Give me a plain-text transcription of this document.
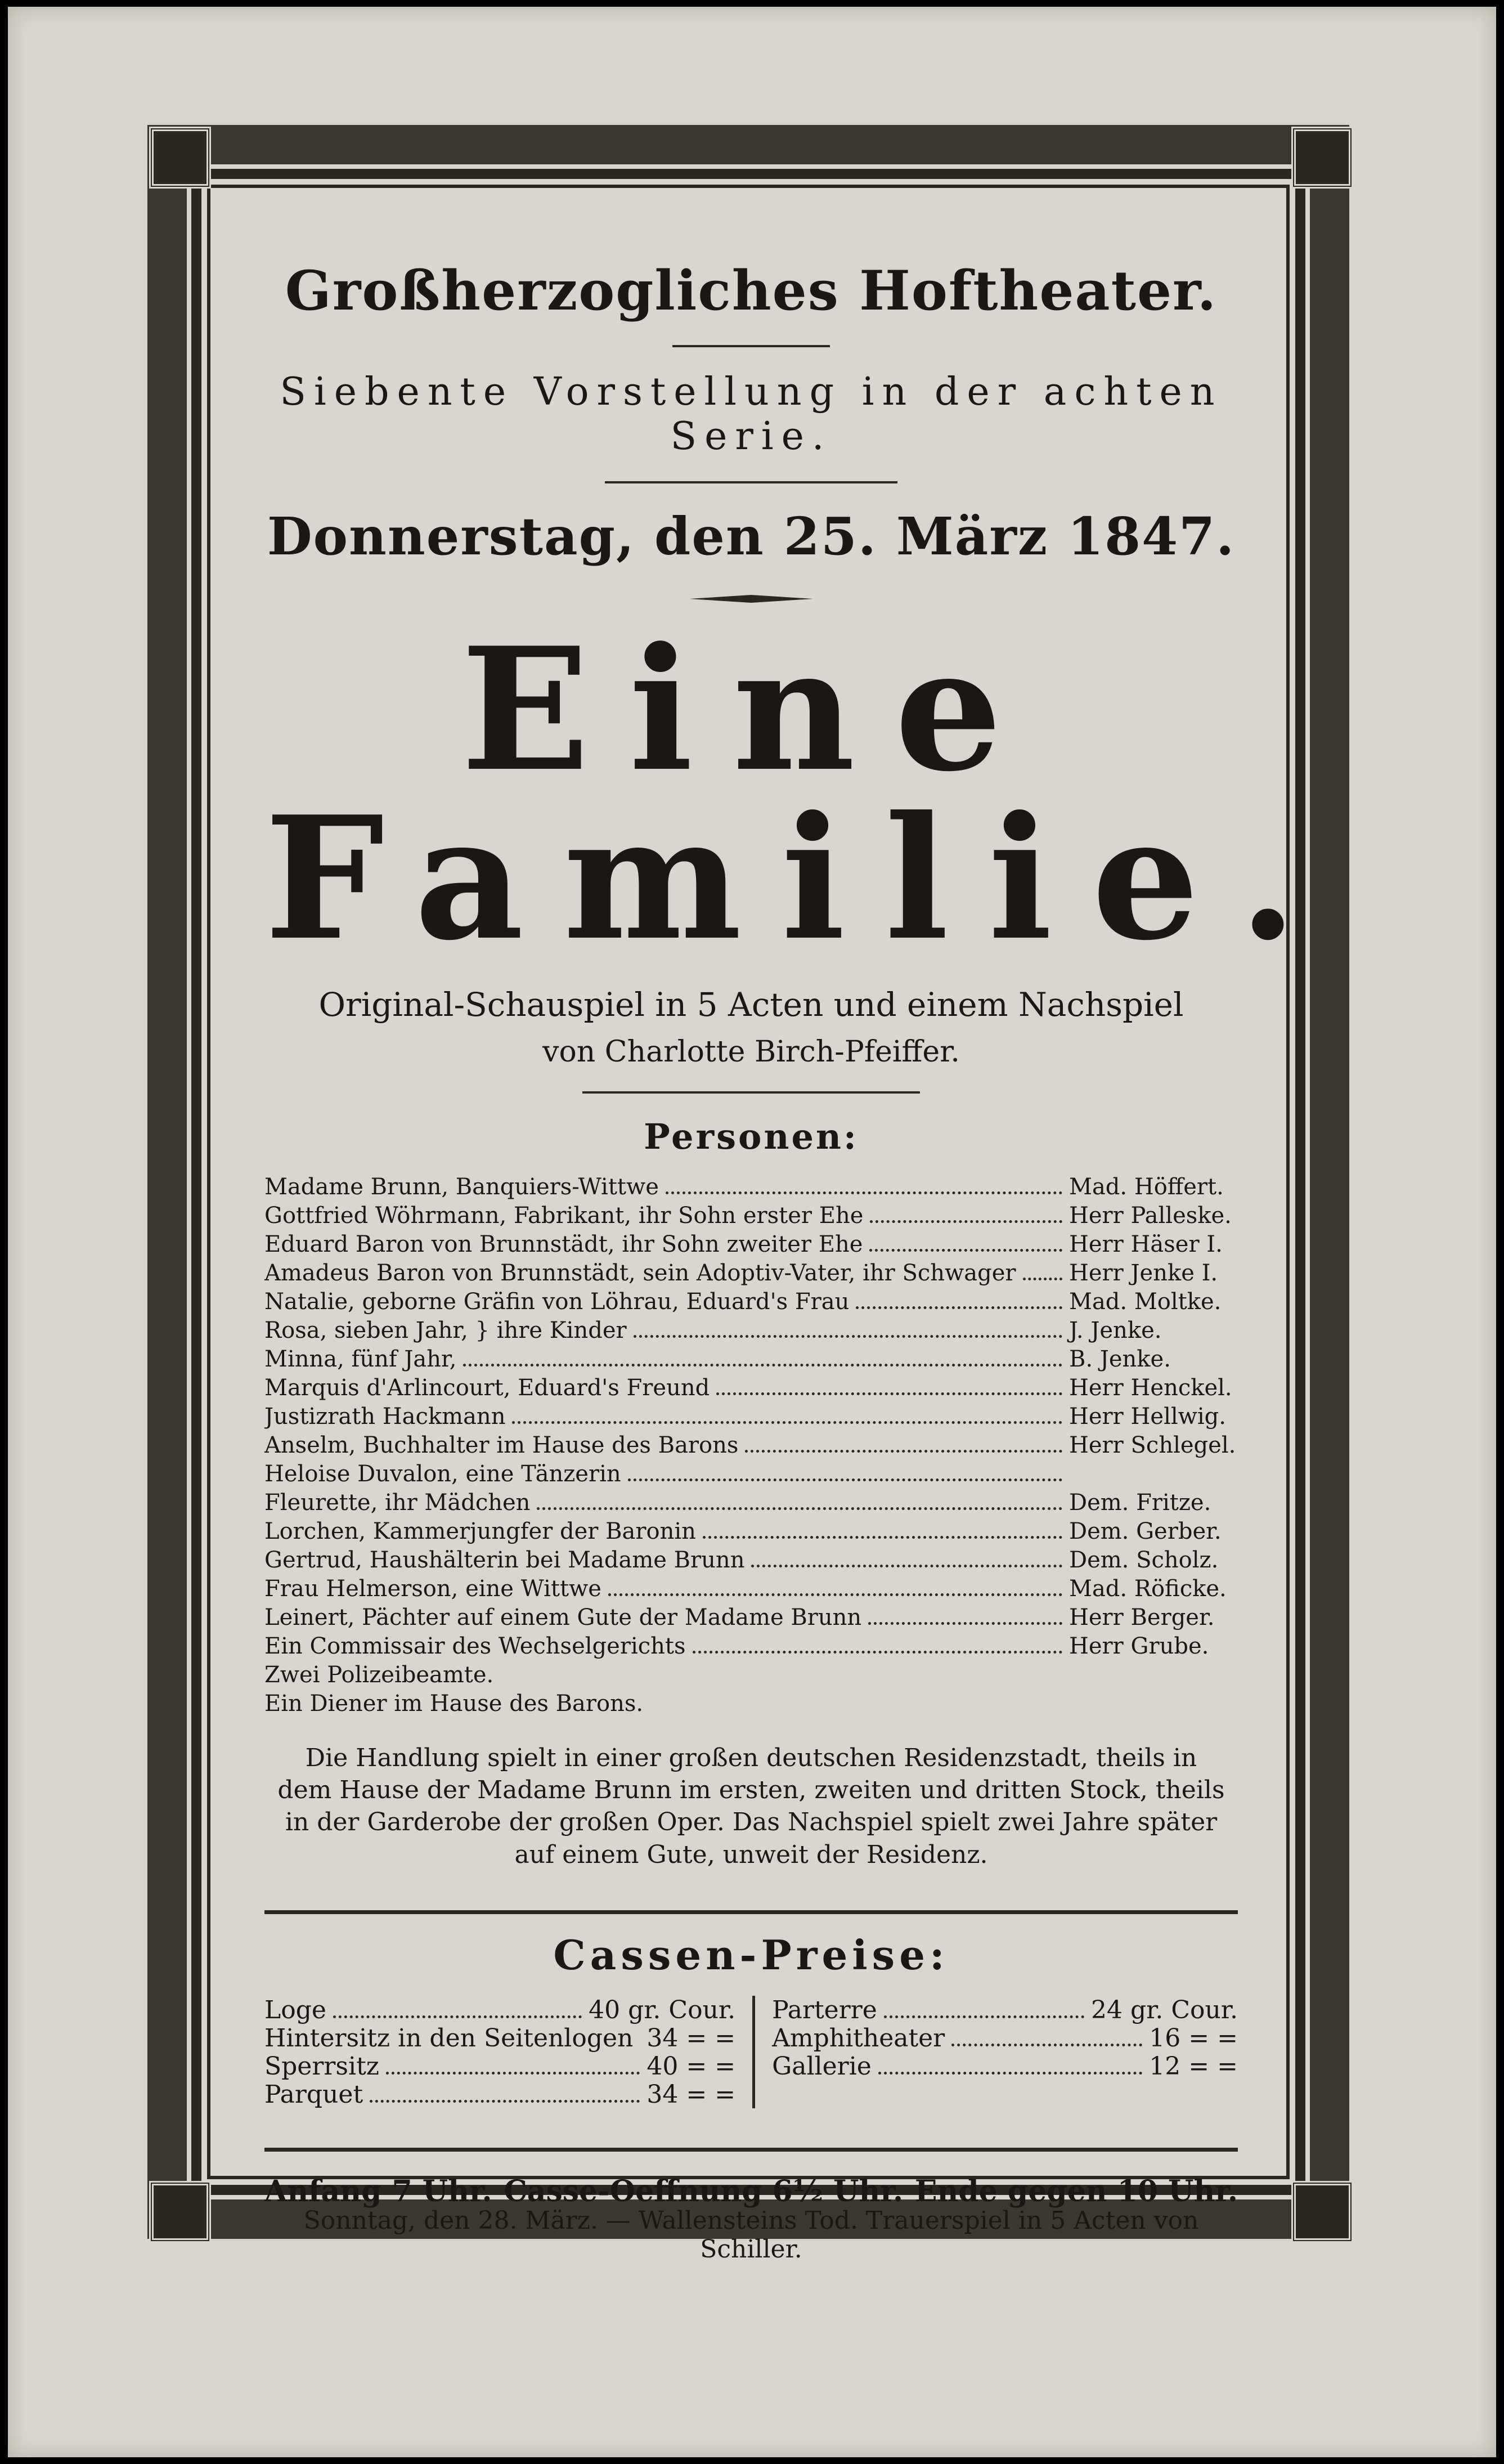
Großherzogliches Hoftheater.
Siebente Vorstellung in der achten Serie.
Donnerstag, den 25. März 1847.
Eine Familie.
Original-Schauspiel in 5 Acten und einem Nachspiel
von Charlotte Birch-Pfeiffer.
Personen:
Madame Brunn, Banquiers-Wittwe	Mad. Höffert.
Gottfried Wöhrmann, Fabrikant, ihr Sohn erster Ehe	Herr Palleske.
Eduard Baron von Brunnstädt, ihr Sohn zweiter Ehe	Herr Häser I.
Amadeus Baron von Brunnstädt, sein Adoptiv-Vater, ihr Schwager Herr Jenke I.
Natalie, geborne Gräfin von Löhrau, Eduard's Frau	Mad. Moltke.
Rosa, sieben Jahr, } ihre Kinder	J. Jenke.
Minna, fünf Jahr,	B. Jenke.
Marquis d'Arlincourt, Eduard's Freund	Herr Henckel.
Justizrath Hackmann	Herr Hellwig.
Anselm, Buchhalter im Hause des Barons	Herr Schlegel.
Heloise Duvalon, eine Tänzerin
Fleurette, ihr Mädchen	Dem. Fritze.
Lorchen, Kammerjungfer der Baronin	Dem. Gerber.
Gertrud, Haushälterin bei Madame Brunn	Dem. Scholz.
Frau Helmerson, eine Wittwe	Mad. Röficke.
Leinert, Pächter auf einem Gute der Madame Brunn	Herr Berger.
Ein Commissair des Wechselgerichts	Herr Grube.
Zwei Polizeibeamte.
Ein Diener im Hause des Barons.
Die Handlung spielt in einer großen deutschen Residenzstadt, theils in dem Hause der Madame Brunn im ersten, zweiten und dritten Stock, theils in der Garderobe der großen Oper. Das Nachspiel spielt zwei Jahre später auf einem Gute, unweit der Residenz.
Cassen-Preise:
Loge	40 gr. Cour.
Hintersitz in den Seitenlogen 34 = =
Sperrsitz	40 = =
Parquet	34 = =
Parterre	24 gr. Cour.
Amphitheater	16 = =
Gallerie	12 = =
Anfang 7 Uhr. Casse-Oeffnung 6½ Uhr. Ende gegen 10 Uhr.
Sonntag, den 28. März. — Wallensteins Tod. Trauerspiel in 5 Acten von Schiller.
